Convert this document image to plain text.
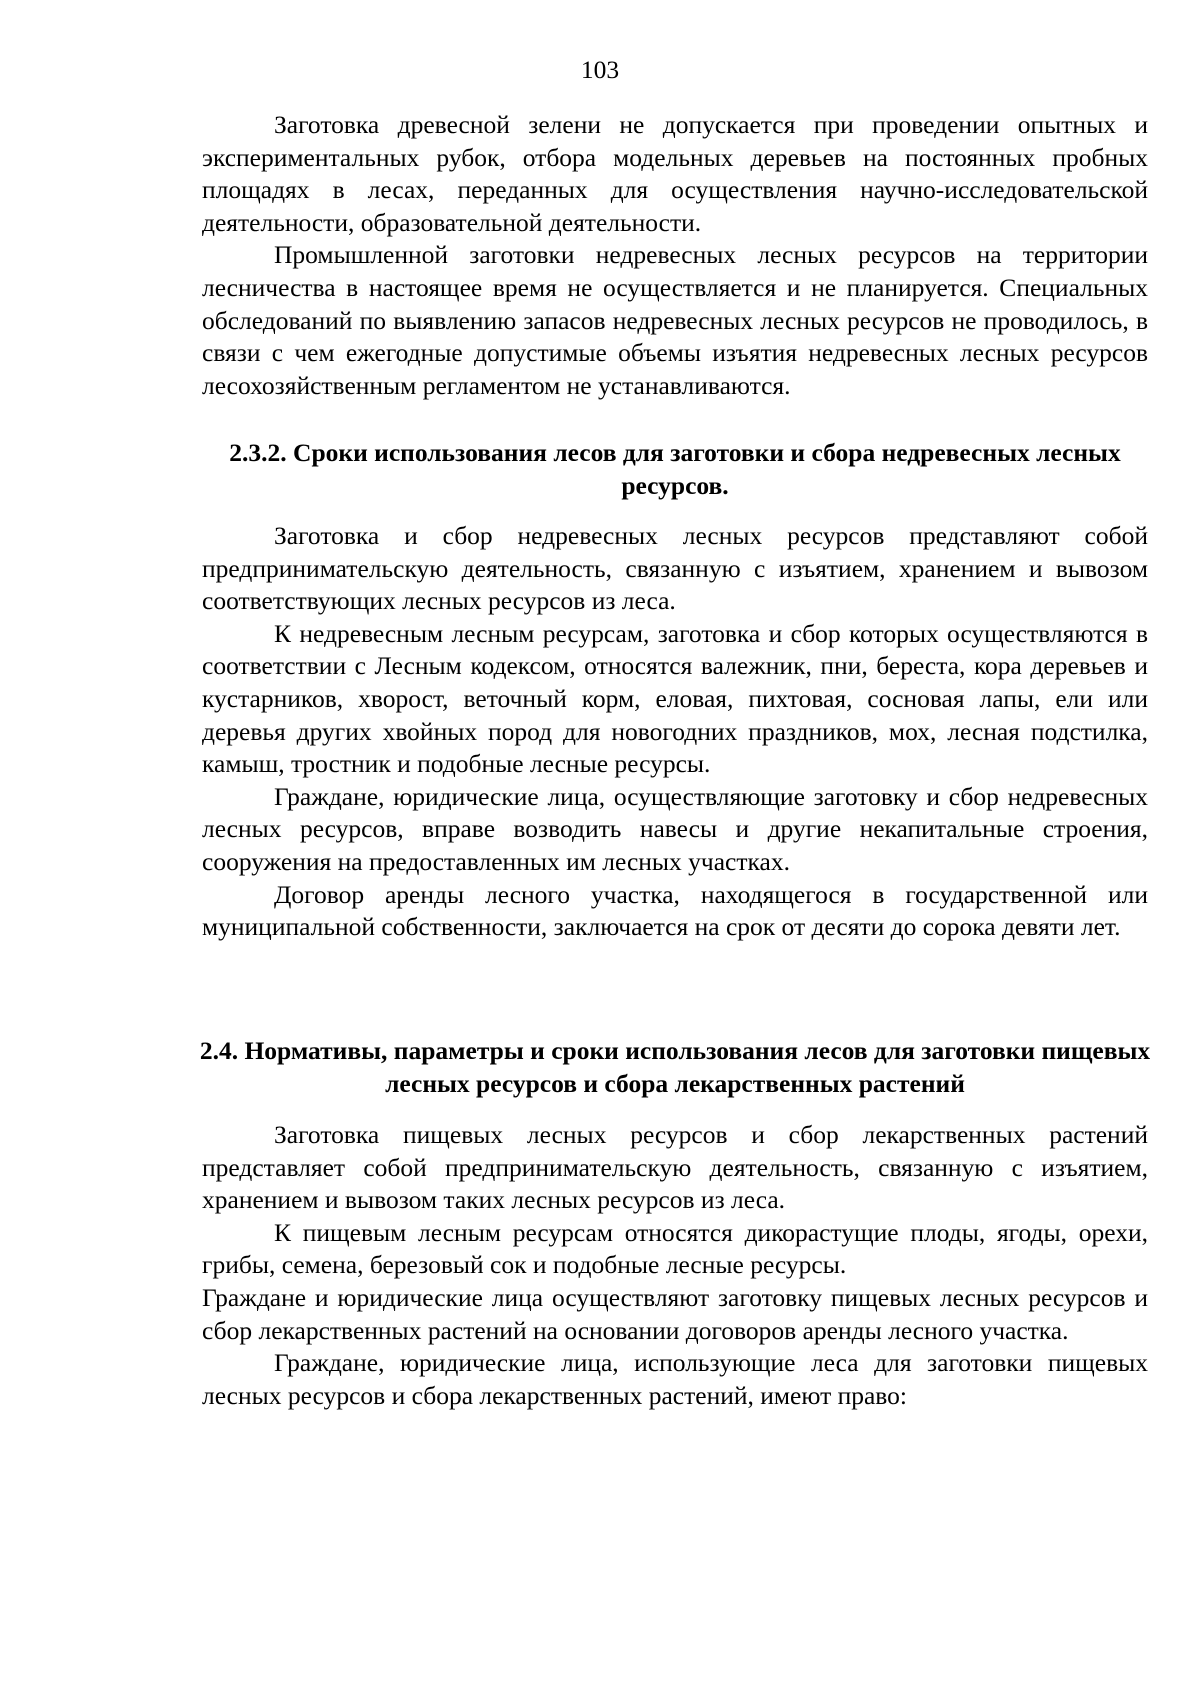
103

Заготовка древесной зелени не допускается при проведении опытных и экспериментальных рубок, отбора модельных деревьев на постоянных пробных площадях в лесах, переданных для осуществления научно-исследовательской деятельности, образовательной деятельности.

Промышленной заготовки недревесных лесных ресурсов на территории лесничества в настоящее время не осуществляется и не планируется. Специальных обследований по выявлению запасов недревесных лесных ресурсов не проводилось, в связи с чем ежегодные допустимые объемы изъятия недревесных лесных ресурсов лесохозяйственным регламентом не устанавливаются.

2.3.2. Сроки использования лесов для заготовки и сбора недревесных лесных ресурсов.

Заготовка и сбор недревесных лесных ресурсов представляют собой предпринимательскую деятельность, связанную с изъятием, хранением и вывозом соответствующих лесных ресурсов из леса.

К недревесным лесным ресурсам, заготовка и сбор которых осуществляются в соответствии с Лесным кодексом, относятся валежник, пни, береста, кора деревьев и кустарников, хворост, веточный корм, еловая, пихтовая, сосновая лапы, ели или деревья других хвойных пород для новогодних праздников, мох, лесная подстилка, камыш, тростник и подобные лесные ресурсы.

Граждане, юридические лица, осуществляющие заготовку и сбор недревесных лесных ресурсов, вправе возводить навесы и другие некапитальные строения, сооружения на предоставленных им лесных участках.

Договор аренды лесного участка, находящегося в государственной или муниципальной собственности, заключается на срок от десяти до сорока девяти лет.

2.4. Нормативы, параметры и сроки использования лесов для заготовки пищевых лесных ресурсов и сбора лекарственных растений

Заготовка пищевых лесных ресурсов и сбор лекарственных растений представляет собой предпринимательскую деятельность, связанную с изъятием, хранением и вывозом таких лесных ресурсов из леса.

К пищевым лесным ресурсам относятся дикорастущие плоды, ягоды, орехи, грибы, семена, березовый сок и подобные лесные ресурсы.

Граждане и юридические лица осуществляют заготовку пищевых лесных ресурсов и сбор лекарственных растений на основании договоров аренды лесного участка.

Граждане, юридические лица, использующие леса для заготовки пищевых лесных ресурсов и сбора лекарственных растений, имеют право:
